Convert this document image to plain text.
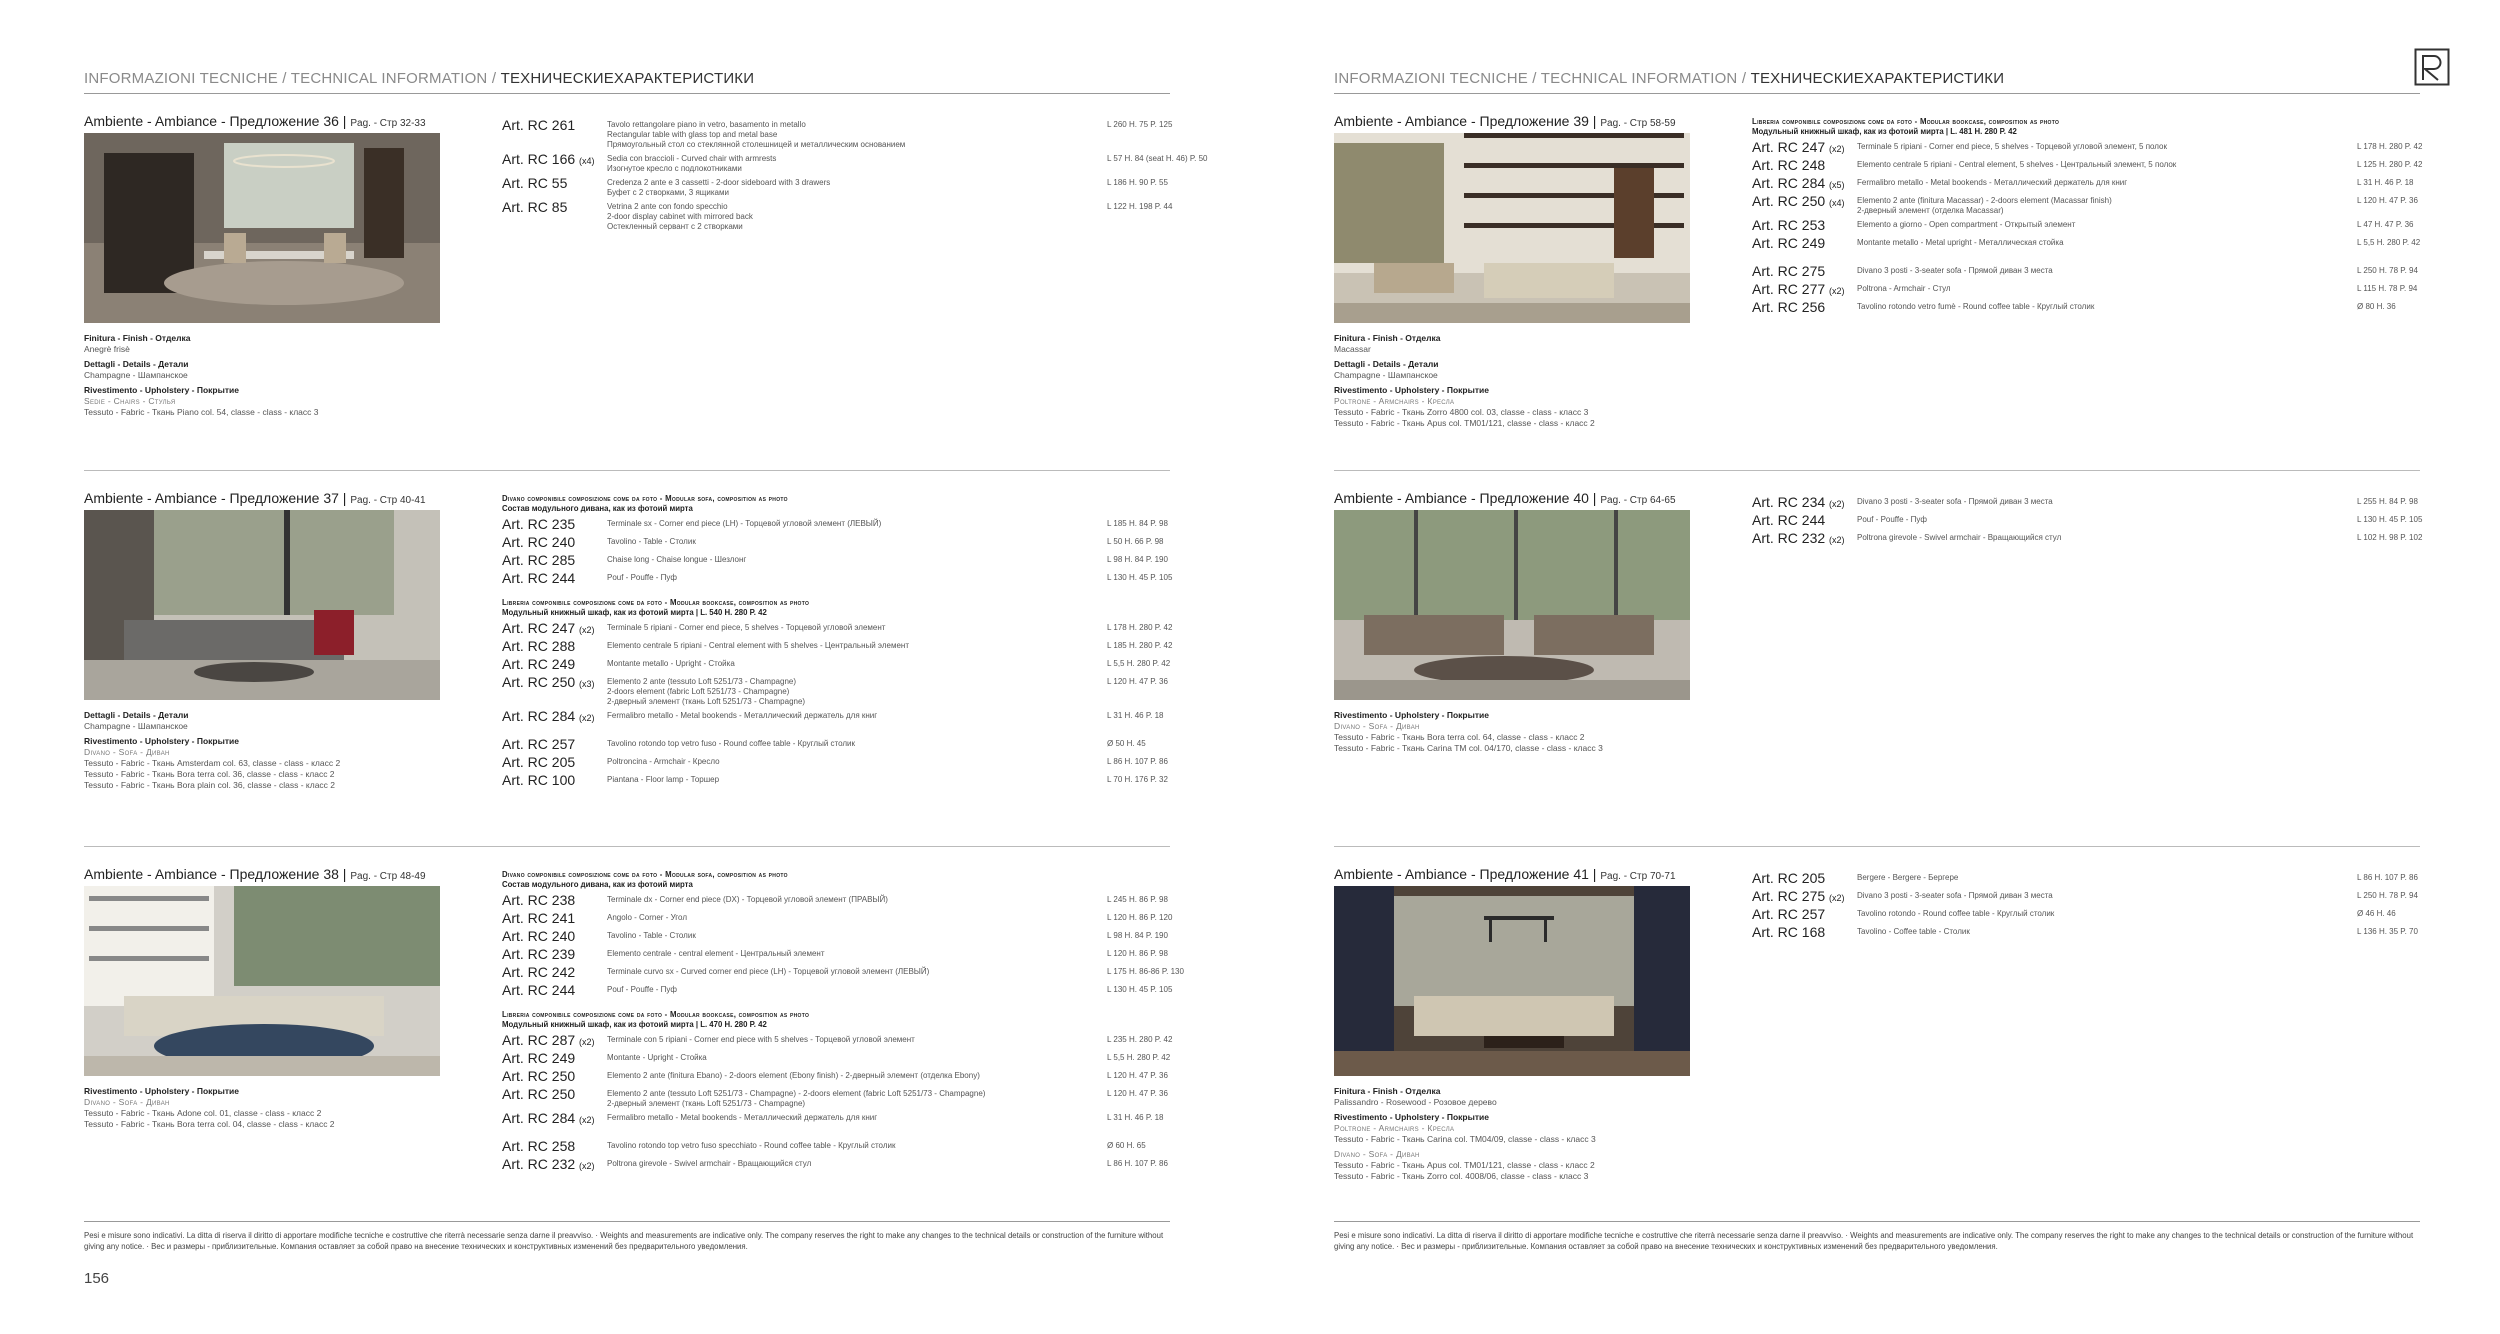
INFORMAZIONI TECNICHE / TECHNICAL INFORMATION / ТЕХНИЧЕСКИЕХАРАКТЕРИСТИКИ
Ambiente - Ambiance - Предложение 36 | Pag. - Стр 32-33
Finitura - Finish - Отделка
Anegrè frisè
Dettagli - Details - Детали
Champagne - Шампанское
Rivestimento - Upholstery - Покрытие
Sedie - Chairs - Стулья
Tessuto - Fabric - Ткань Piano col. 54, classe - class - класс 3
Art. RC 261	Tavolo rettangolare piano in vetro, basamento in metallo
Rectangular table with glass top and metal base
Прямоугольный стол со стеклянной столешницей и металлическим основанием
L 260 H. 75 P. 125
Art. RC 166 (x4) Sedia con braccioli - Curved chair with armrests
Изогнутое кресло с подлокотниками
L 57 H. 84 (seat H. 46) P. 50
Art. RC 55	Credenza 2 ante e 3 cassetti - 2-door sideboard with 3 drawers
Буфет с 2 створками, 3 ящиками
L 186 H. 90 P. 55
Art. RC 85	Vetrina 2 ante con fondo specchio
2-door display cabinet with mirrored back
Остекленный сервант с 2 створками
L 122 H. 198 P. 44
Ambiente - Ambiance - Предложение 37 | Pag. - Стр 40-41
Dettagli - Details - Детали
Champagne - Шампанское
Rivestimento - Upholstery - Покрытие
Divano - Sofa - Диван
Tessuto - Fabric - Ткань Amsterdam col. 63, classe - class - класс 2
Tessuto - Fabric - Ткань Bora terra col. 36, classe - class - класс 2
Tessuto - Fabric - Ткань Bora plain col. 36, classe - class - класс 2
Divano componibile composizione come da foto - Modular sofa, composition as photo
Состав модульного дивана, как из фотоий мирта
Art. RC 235	Terminale sx - Corner end piece (LH) - Торцевой угловой элемент (ЛЕВЫЙ)	L 185 H. 84 P. 98
Art. RC 240	Tavolino - Table - Столик	L 50 H. 66 P. 98
Art. RC 285	Chaise long - Chaise longue - Шезлонг	L 98 H. 84 P. 190
Art. RC 244	Pouf - Pouffe - Пуф	L 130 H. 45 P. 105
Libreria componibile composizione come da foto - Modular bookcase, composition as photo
Модульный книжный шкаф, как из фотоий мирта | L. 540 H. 280 P. 42
Art. RC 247 (x2) Terminale 5 ripiani - Corner end piece, 5 shelves - Торцевой угловой элемент	L 178 H. 280 P. 42
Art. RC 288	Elemento centrale 5 ripiani - Central element with 5 shelves - Центральный элемент	L 185 H. 280 P. 42
Art. RC 249	Montante metallo - Upright - Стойка	L 5,5 H. 280 P. 42
Art. RC 250 (x3) Elemento 2 ante (tessuto Loft 5251/73 - Champagne)
2-doors element (fabric Loft 5251/73 - Champagne)
2-дверный элемент (ткань Loft 5251/73 - Champagne)
L 120 H. 47 P. 36
Art. RC 284 (x2) Fermalibro metallo - Metal bookends - Металлический держатель для книг	L 31 H. 46 P. 18
Art. RC 257	Tavolino rotondo top vetro fuso - Round coffee table - Круглый столик	Ø 50 H. 45
Art. RC 205	Poltroncina - Armchair - Кресло	L 86 H. 107 P. 86
Art. RC 100	Piantana - Floor lamp - Торшер	L 70 H. 176 P. 32
Ambiente - Ambiance - Предложение 38 | Pag. - Стр 48-49
Rivestimento - Upholstery - Покрытие
Divano - Sofa - Диван
Tessuto - Fabric - Ткань Adone col. 01, classe - class - класс 2
Tessuto - Fabric - Ткань Bora terra col. 04, classe - class - класс 2
Divano componibile composizione come da foto - Modular sofa, composition as photo
Состав модульного дивана, как из фотоий мирта
Art. RC 238	Terminale dx - Corner end piece (DX) - Торцевой угловой элемент (ПРАВЫЙ)	L 245 H. 86 P. 98
Art. RC 241	Angolo - Corner - Угол	L 120 H. 86 P. 120
Art. RC 240	Tavolino - Table - Столик	L 98 H. 84 P. 190
Art. RC 239	Elemento centrale - central element - Центральный элемент	L 120 H. 86 P. 98
Art. RC 242	Terminale curvo sx - Curved corner end piece (LH) - Торцевой угловой элемент (ЛЕВЫЙ)	L 175 H. 86-86 P. 130
Art. RC 244	Pouf - Pouffe - Пуф	L 130 H. 45 P. 105
Libreria componibile composizione come da foto - Modular bookcase, composition as photo
Модульный книжный шкаф, как из фотоий мирта | L. 470 H. 280 P. 42
Art. RC 287 (x2) Terminale con 5 ripiani - Corner end piece with 5 shelves - Торцевой угловой элемент	L 235 H. 280 P. 42
Art. RC 249	Montante - Upright - Стойка	L 5,5 H. 280 P. 42
Art. RC 250	Elemento 2 ante (finitura Ebano) - 2-doors element (Ebony finish) - 2-дверный элемент (отделка Ebony)	L 120 H. 47 P. 36
Art. RC 250	Elemento 2 ante (tessuto Loft 5251/73 - Champagne) - 2-doors element (fabric Loft 5251/73 - Champagne)
2-дверный элемент (ткань Loft 5251/73 - Champagne)
L 120 H. 47 P. 36
Art. RC 284 (x2) Fermalibro metallo - Metal bookends - Металлический держатель для книг	L 31 H. 46 P. 18
Art. RC 258	Tavolino rotondo top vetro fuso specchiato - Round coffee table - Круглый столик	Ø 60 H. 65
Art. RC 232 (x2) Poltrona girevole - Swivel armchair - Вращающийся стул	L 86 H. 107 P. 86
Pesi e misure sono indicativi. La ditta di riserva il diritto di apportare modifiche tecniche e costruttive che riterrà necessarie senza darne il preavviso. · Weights and measurements are indicative only. The company reserves the right to make any changes to the technical details or construction of the furniture without giving any notice. · Вес и размеры - приблизительные. Компания оставляет за собой право на внесение технических и конструктивных изменений без предварительного уведомления.
156
INFORMAZIONI TECNICHE / TECHNICAL INFORMATION / ТЕХНИЧЕСКИЕХАРАКТЕРИСТИКИ
Ambiente - Ambiance - Предложение 39 | Pag. - Стр 58-59
Finitura - Finish - Отделка
Macassar
Dettagli - Details - Детали
Champagne - Шампанское
Rivestimento - Upholstery - Покрытие
Poltrone - Armchairs - Кресла
Tessuto - Fabric - Ткань Zorro 4800 col. 03, classe - class - класс 3
Tessuto - Fabric - Ткань Apus col. TM01/121, classe - class - класс 2
Libreria componibile composizione come da foto - Modular bookcase, composition as photo
Модульный книжный шкаф, как из фотоий мирта | L. 481 H. 280 P. 42
Art. RC 247 (x2) Terminale 5 ripiani - Corner end piece, 5 shelves - Торцевой угловой элемент, 5 полок	L 178 H. 280 P. 42
Art. RC 248	Elemento centrale 5 ripiani - Central element, 5 shelves - Центральный элемент, 5 полок	L 125 H. 280 P. 42
Art. RC 284 (x5) Fermalibro metallo - Metal bookends - Металлический держатель для книг	L 31 H. 46 P. 18
Art. RC 250 (x4) Elemento 2 ante (finitura Macassar) - 2-doors element (Macassar finish)
2-дверный элемент (отделка Macassar)
L 120 H. 47 P. 36
Art. RC 253	Elemento a giorno - Open compartment - Открытый элемент	L 47 H. 47 P. 36
Art. RC 249	Montante metallo - Metal upright - Металлическая стойка	L 5,5 H. 280 P. 42
Art. RC 275	Divano 3 posti - 3-seater sofa - Прямой диван 3 места	L 250 H. 78 P. 94
Art. RC 277 (x2) Poltrona - Armchair - Стул	L 115 H. 78 P. 94
Art. RC 256	Tavolino rotondo vetro fumè - Round coffee table - Круглый столик	Ø 80 H. 36
Ambiente - Ambiance - Предложение 40 | Pag. - Стр 64-65
Rivestimento - Upholstery - Покрытие
Divano - Sofa - Диван
Tessuto - Fabric - Ткань Bora terra col. 64, classe - class - класс 2
Tessuto - Fabric - Ткань Carina TM col. 04/170, classe - class - класс 3
Art. RC 234 (x2) Divano 3 posti - 3-seater sofa - Прямой диван 3 места	L 255 H. 84 P. 98
Art. RC 244	Pouf - Pouffe - Пуф	L 130 H. 45 P. 105
Art. RC 232 (x2) Poltrona girevole - Swivel armchair - Вращающийся стул	L 102 H. 98 P. 102
Ambiente - Ambiance - Предложение 41 | Pag. - Стр 70-71
Finitura - Finish - Отделка
Palissandro - Rosewood - Розовое дерево
Rivestimento - Upholstery - Покрытие
Poltrone - Armchairs - Кресла
Tessuto - Fabric - Ткань Carina col. TM04/09, classe - class - класс 3
Divano - Sofa - Диван
Tessuto - Fabric - Ткань Apus col. TM01/121, classe - class - класс 2
Tessuto - Fabric - Ткань Zorro col. 4008/06, classe - class - класс 3
Art. RC 205	Bergere - Bergere - Бергере	L 86 H. 107 P. 86
Art. RC 275 (x2) Divano 3 posti - 3-seater sofa - Прямой диван 3 места	L 250 H. 78 P. 94
Art. RC 257	Tavolino rotondo - Round coffee table - Круглый столик	Ø 46 H. 46
Art. RC 168	Tavolino - Coffee table - Столик	L 136 H. 35 P. 70
Pesi e misure sono indicativi. La ditta di riserva il diritto di apportare modifiche tecniche e costruttive che riterrà necessarie senza darne il preavviso. · Weights and measurements are indicative only. The company reserves the right to make any changes to the technical details or construction of the furniture without giving any notice. · Вес и размеры - приблизительные. Компания оставляет за собой право на внесение технических и конструктивных изменений без предварительного уведомления.
